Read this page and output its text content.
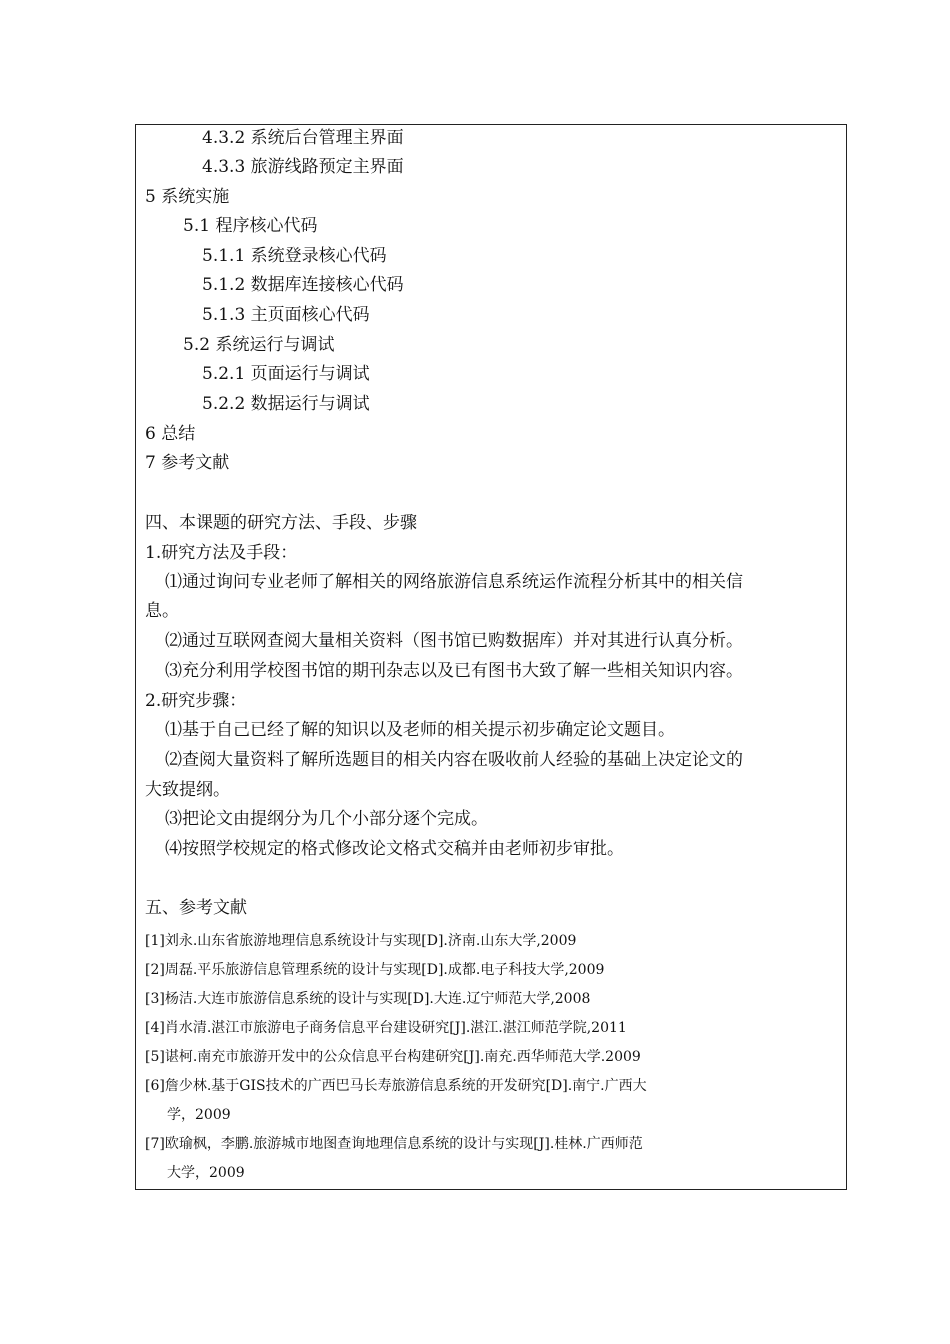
4.3.2 系统后台管理主界面
4.3.3 旅游线路预定主界面
5 系统实施
5.1 程序核心代码
5.1.1 系统登录核心代码
5.1.2 数据库连接核心代码
5.1.3 主页面核心代码
5.2 系统运行与调试
5.2.1 页面运行与调试
5.2.2 数据运行与调试
6 总结
7 参考文献
四、本课题的研究方法、手段、步骤
1.研究方法及手段：
⑴通过询问专业老师了解相关的网络旅游信息系统运作流程分析其中的相关信
息。
⑵通过互联网查阅大量相关资料（图书馆已购数据库）并对其进行认真分析。
⑶充分利用学校图书馆的期刊杂志以及已有图书大致了解一些相关知识内容。
2.研究步骤：
⑴基于自己已经了解的知识以及老师的相关提示初步确定论文题目。
⑵查阅大量资料了解所选题目的相关内容在吸收前人经验的基础上决定论文的
大致提纲。
⑶把论文由提纲分为几个小部分逐个完成。
⑷按照学校规定的格式修改论文格式交稿并由老师初步审批。
五、参考文献
[1]刘永.山东省旅游地理信息系统设计与实现[D].济南.山东大学,2009
[2]周磊.平乐旅游信息管理系统的设计与实现[D].成都.电子科技大学,2009
[3]杨洁.大连市旅游信息系统的设计与实现[D].大连.辽宁师范大学,2008
[4]肖水清.湛江市旅游电子商务信息平台建设研究[J].湛江.湛江师范学院,2011
[5]谌柯.南充市旅游开发中的公众信息平台构建研究[J].南充.西华师范大学.2009
[6]詹少林.基于GIS技术的广西巴马长寿旅游信息系统的开发研究[D].南宁.广西大
学，2009
[7]欧瑜枫，李鹏.旅游城市地图查询地理信息系统的设计与实现[J].桂林.广西师范
大学，2009
